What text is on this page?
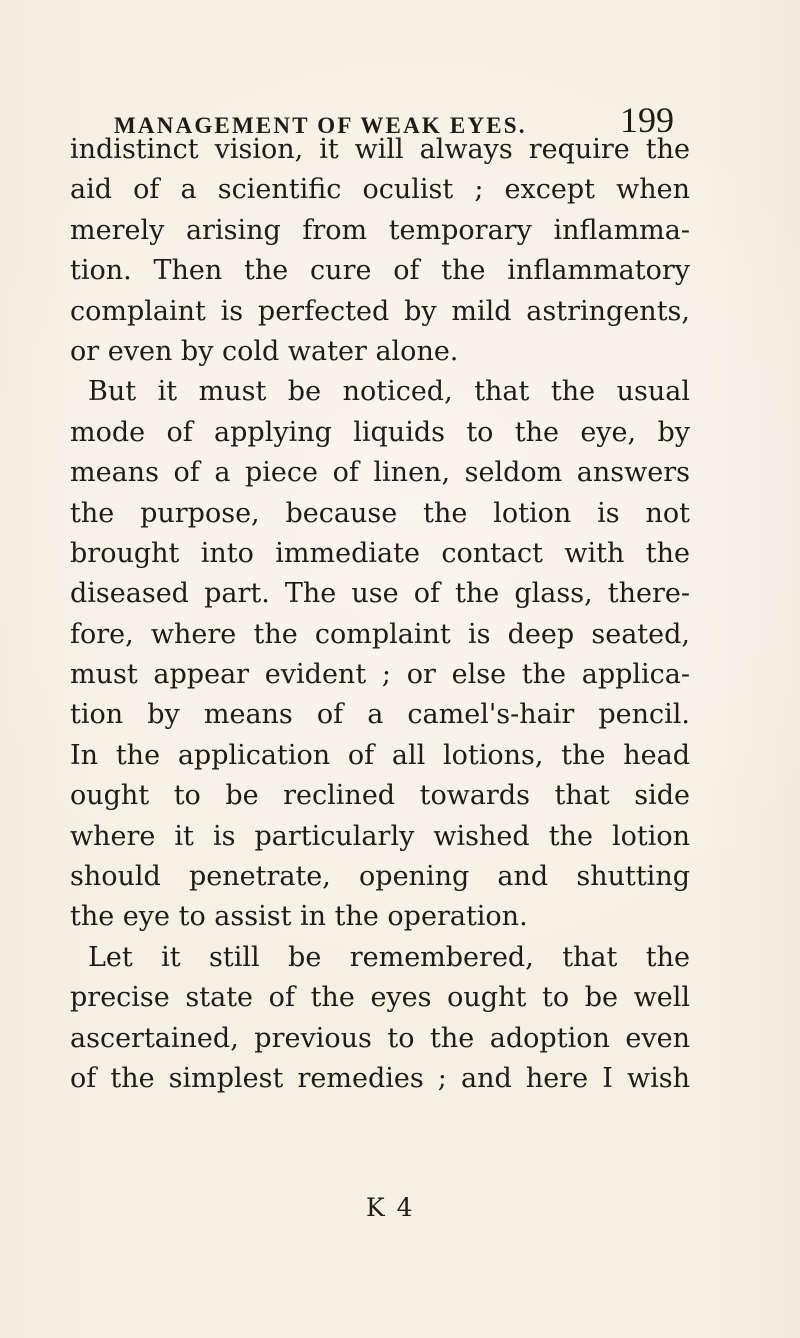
MANAGEMENT OF WEAK EYES.	199
indistinct vision, it will always require the
aid of a scientific oculist ; except when
merely arising from temporary inflamma-
tion. Then the cure of the inflammatory
complaint is perfected by mild astringents,
or even by cold water alone.
But it must be noticed, that the usual
mode of applying liquids to the eye, by
means of a piece of linen, seldom answers
the purpose, because the lotion is not
brought into immediate contact with the
diseased part. The use of the glass, there-
fore, where the complaint is deep seated,
must appear evident ; or else the applica-
tion by means of a camel's-hair pencil.
In the application of all lotions, the head
ought to be reclined towards that side
where it is particularly wished the lotion
should penetrate, opening and shutting
the eye to assist in the operation.
Let it still be remembered, that the
precise state of the eyes ought to be well
ascertained, previous to the adoption even
of the simplest remedies ; and here I wish
K 4
